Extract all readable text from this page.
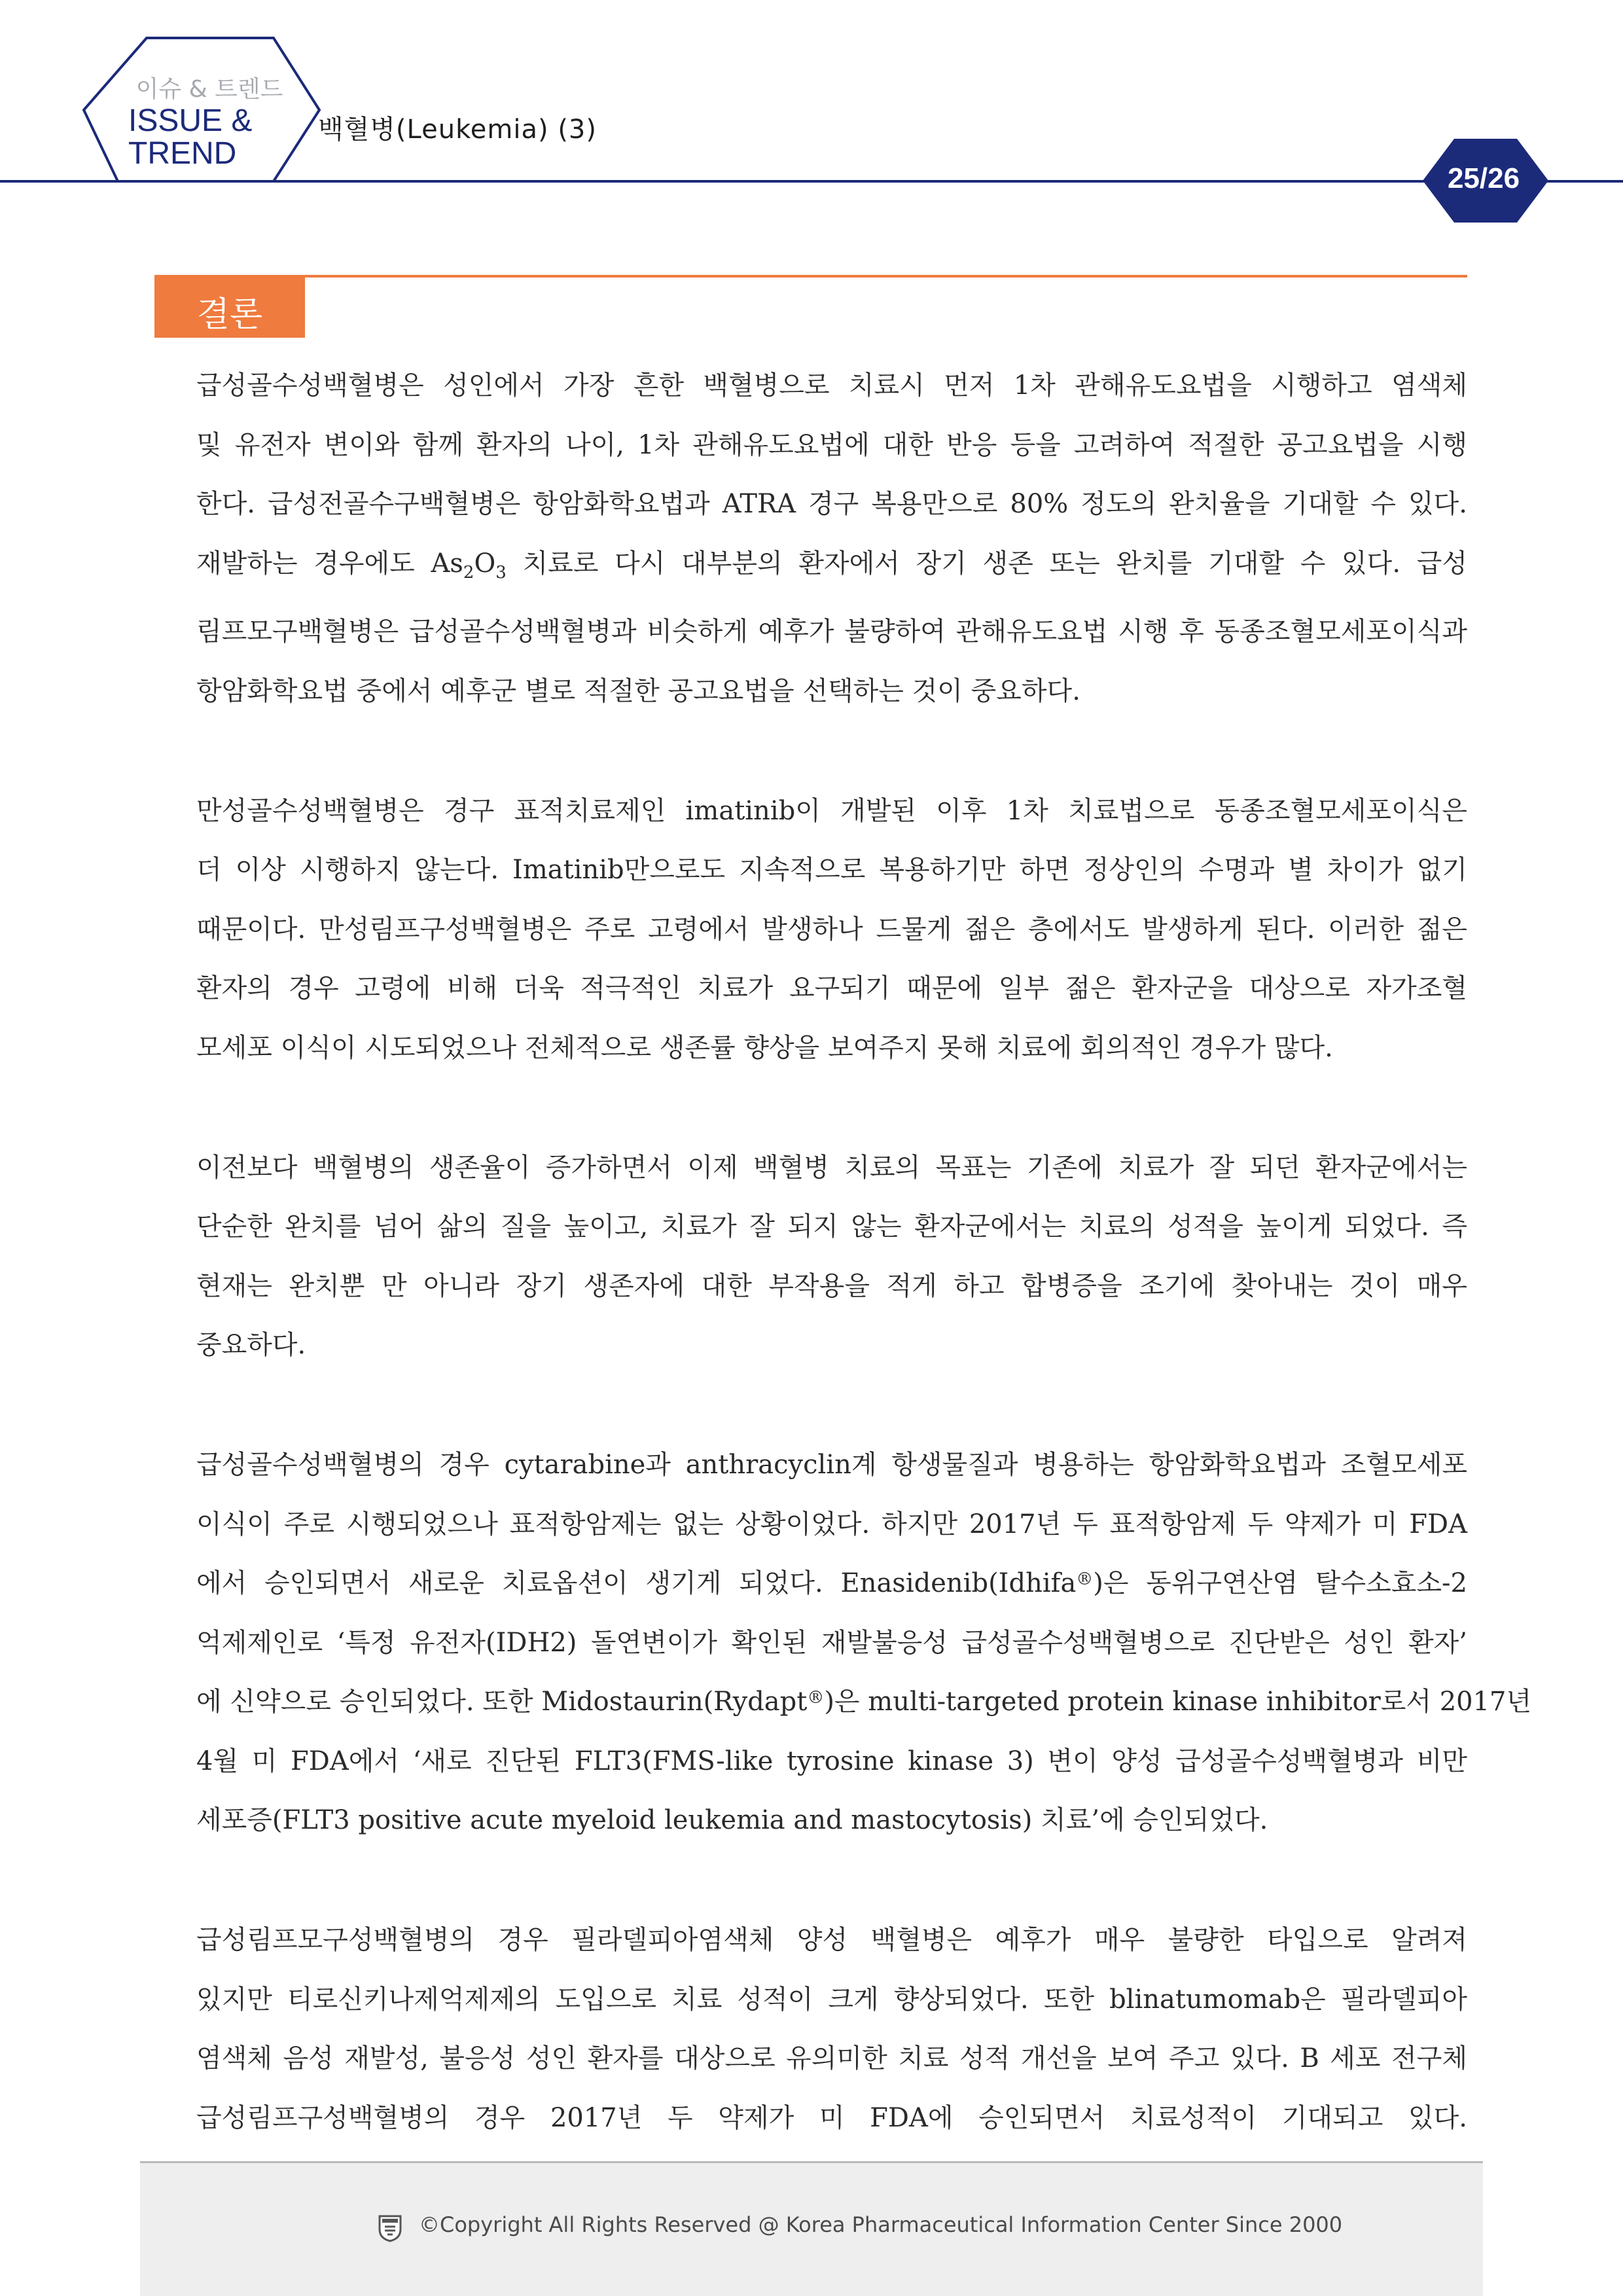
이슈 & 트렌드
ISSUE &
TREND
백혈병(Leukemia) (3)
25/26
결론

급성골수성백혈병은 성인에서 가장 흔한 백혈병으로 치료시 먼저 1차 관해유도요법을 시행하고 염색체
및 유전자 변이와 함께 환자의 나이, 1차 관해유도요법에 대한 반응 등을 고려하여 적절한 공고요법을 시행
한다. 급성전골수구백혈병은 항암화학요법과 ATRA 경구 복용만으로 80% 정도의 완치율을 기대할 수 있다.
재발하는 경우에도 $As_2O_3$ 치료로 다시 대부분의 환자에서 장기 생존 또는 완치를 기대할 수 있다. 급성
림프모구백혈병은 급성골수성백혈병과 비슷하게 예후가 불량하여 관해유도요법 시행 후 동종조혈모세포이식과
항암화학요법 중에서 예후군 별로 적절한 공고요법을 선택하는 것이 중요하다.

만성골수성백혈병은 경구 표적치료제인 imatinib이 개발된 이후 1차 치료법으로 동종조혈모세포이식은
더 이상 시행하지 않는다. Imatinib만으로도 지속적으로 복용하기만 하면 정상인의 수명과 별 차이가 없기
때문이다. 만성림프구성백혈병은 주로 고령에서 발생하나 드물게 젊은 층에서도 발생하게 된다. 이러한 젊은
환자의 경우 고령에 비해 더욱 적극적인 치료가 요구되기 때문에 일부 젊은 환자군을 대상으로 자가조혈
모세포 이식이 시도되었으나 전체적으로 생존률 향상을 보여주지 못해 치료에 회의적인 경우가 많다.

이전보다 백혈병의 생존율이 증가하면서 이제 백혈병 치료의 목표는 기존에 치료가 잘 되던 환자군에서는
단순한 완치를 넘어 삶의 질을 높이고, 치료가 잘 되지 않는 환자군에서는 치료의 성적을 높이게 되었다. 즉
현재는 완치뿐 만 아니라 장기 생존자에 대한 부작용을 적게 하고 합병증을 조기에 찾아내는 것이 매우
중요하다.

급성골수성백혈병의 경우 cytarabine과 anthracyclin계 항생물질과 병용하는 항암화학요법과 조혈모세포
이식이 주로 시행되었으나 표적항암제는 없는 상황이었다. 하지만 2017년 두 표적항암제 두 약제가 미 FDA
에서 승인되면서 새로운 치료옵션이 생기게 되었다. Enasidenib(Idhifa®)은 동위구연산염 탈수소효소-2
억제제인로 ‘특정 유전자(IDH2) 돌연변이가 확인된 재발불응성 급성골수성백혈병으로 진단받은 성인 환자’
에 신약으로 승인되었다. 또한 Midostaurin(Rydapt®)은 multi-targeted protein kinase inhibitor로서 2017년
4월 미 FDA에서 ‘새로 진단된 FLT3(FMS-like tyrosine kinase 3) 변이 양성 급성골수성백혈병과 비만
세포증(FLT3 positive acute myeloid leukemia and mastocytosis) 치료’에 승인되었다.

급성림프모구성백혈병의 경우 필라델피아염색체 양성 백혈병은 예후가 매우 불량한 타입으로 알려져
있지만 티로신키나제억제제의 도입으로 치료 성적이 크게 향상되었다. 또한 blinatumomab은 필라델피아
염색체 음성 재발성, 불응성 성인 환자를 대상으로 유의미한 치료 성적 개선을 보여 주고 있다. B 세포 전구체
급성림프구성백혈병의 경우 2017년 두 약제가 미 FDA에 승인되면서 치료성적이 기대되고 있다.

©Copyright All Rights Reserved @ Korea Pharmaceutical Information Center Since 2000
